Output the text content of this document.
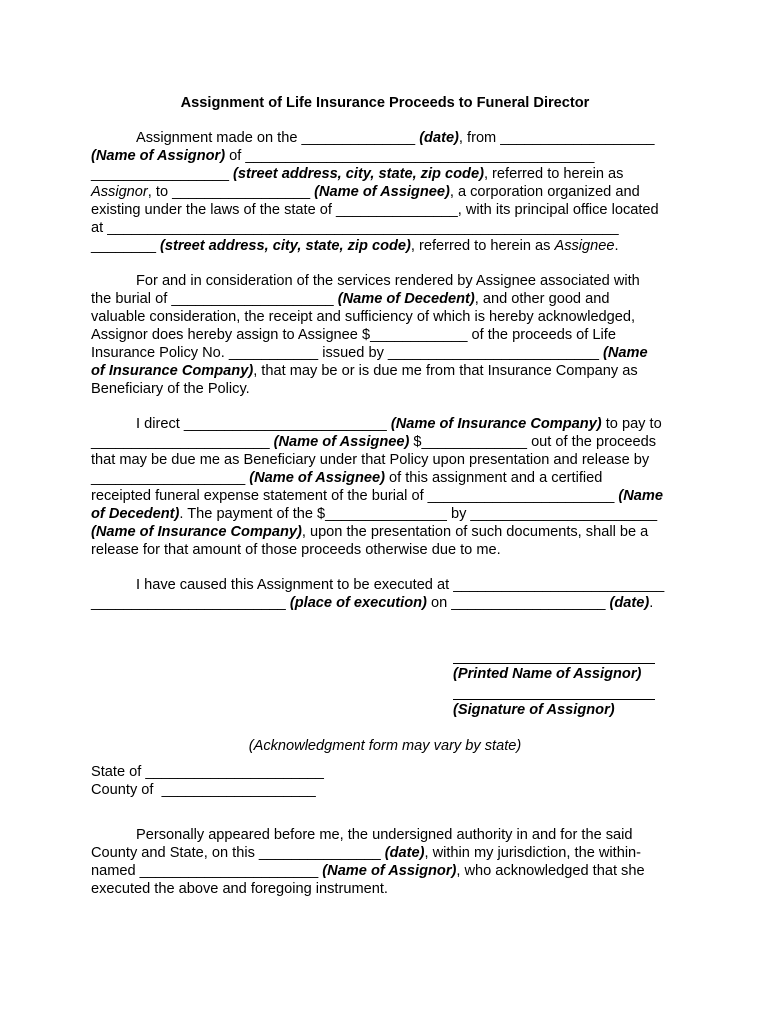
Assignment of Life Insurance Proceeds to Funeral Director
Assignment made on the ______________ (date), from ___________________
(Name of Assignor) of ___________________________________________
_________________ (street address, city, state, zip code), referred to herein as
Assignor, to _________________ (Name of Assignee), a corporation organized and
existing under the laws of the state of _______________, with its principal office located
at _______________________________________________________________
________ (street address, city, state, zip code), referred to herein as Assignee.
For and in consideration of the services rendered by Assignee associated with
the burial of ____________________ (Name of Decedent), and other good and
valuable consideration, the receipt and sufficiency of which is hereby acknowledged,
Assignor does hereby assign to Assignee $____________ of the proceeds of Life
Insurance Policy No. ___________ issued by __________________________ (Name
of Insurance Company), that may be or is due me from that Insurance Company as
Beneficiary of the Policy.
I direct _________________________ (Name of Insurance Company) to pay to
______________________ (Name of Assignee) $_____________ out of the proceeds
that may be due me as Beneficiary under that Policy upon presentation and release by
___________________ (Name of Assignee) of this assignment and a certified
receipted funeral expense statement of the burial of _______________________ (Name
of Decedent). The payment of the $_______________ by _______________________
(Name of Insurance Company), upon the presentation of such documents, shall be a
release for that amount of those proceeds otherwise due to me.
I have caused this Assignment to be executed at __________________________
________________________ (place of execution) on ___________________ (date).
(Printed Name of Assignor)
(Signature of Assignor)
(Acknowledgment form may vary by state)
State of ______________________
County of  ___________________
Personally appeared before me, the undersigned authority in and for the said
County and State, on this _______________ (date), within my jurisdiction, the within-
named ______________________ (Name of Assignor), who acknowledged that she
executed the above and foregoing instrument.
